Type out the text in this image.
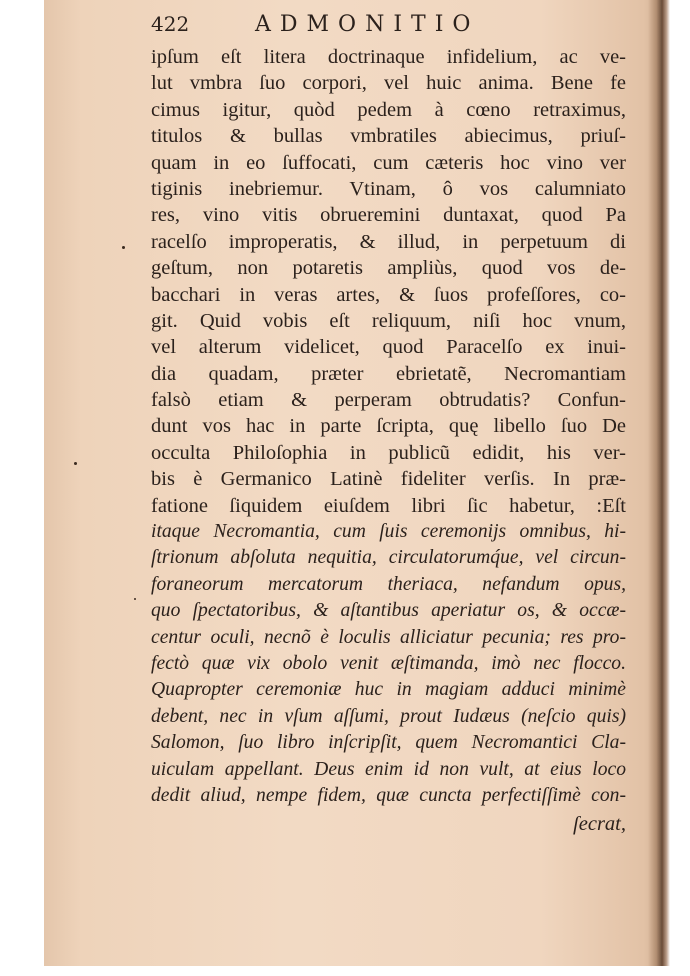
422	ADMONITIO
ipſum eſt litera doctrinaque infidelium, ac ve-
lut vmbra ſuo corpori, vel huic anima. Bene fe
cimus igitur, quòd pedem à cœno retraximus,
titulos & bullas vmbratiles abiecimus, priuſ-
quam in eo ſuffocati, cum cæteris hoc vino ver
tiginis inebriemur. Vtinam, ô vos calumniato
res, vino vitis obrueremini duntaxat, quod Pa
racelſo improperatis, & illud, in perpetuum di
geſtum, non potaretis ampliùs, quod vos de-
bacchari in veras artes, & ſuos profeſſores, co-
git. Quid vobis eſt reliquum, niſi hoc vnum,
vel alterum videlicet, quod Paracelſo ex inui-
dia quadam, præter ebrietatẽ, Necromantiam
falsò etiam & perperam obtrudatis? Confun-
dunt vos hac in parte ſcripta, quę libello ſuo De
occulta Philoſophia in publicũ edidit, his ver-
bis è Germanico Latinè fideliter verſis. In præ-
fatione ſiquidem eiuſdem libri ſic habetur, :Eſt
itaque Necromantia, cum ſuis ceremonijs omnibus, hi-
ſtrionum abſoluta nequitia, circulatorumq́ue, vel circun-
foraneorum mercatorum theriaca, nefandum opus,
quo ſpectatoribus, & aſtantibus aperiatur os, & occæ-
centur oculi, necnõ è loculis alliciatur pecunia; res pro-
fectò quæ vix obolo venit æſtimanda, imò nec flocco.
Quapropter ceremoniæ huc in magiam adduci minimè
debent, nec in vſum aſſumi, prout Iudæus (neſcio quis)
Salomon, ſuo libro inſcripſit, quem Necromantici Cla-
uiculam appellant. Deus enim id non vult, at eius loco
dedit aliud, nempe fidem, quæ cuncta perfectiſſimè con-
ſecrat,
